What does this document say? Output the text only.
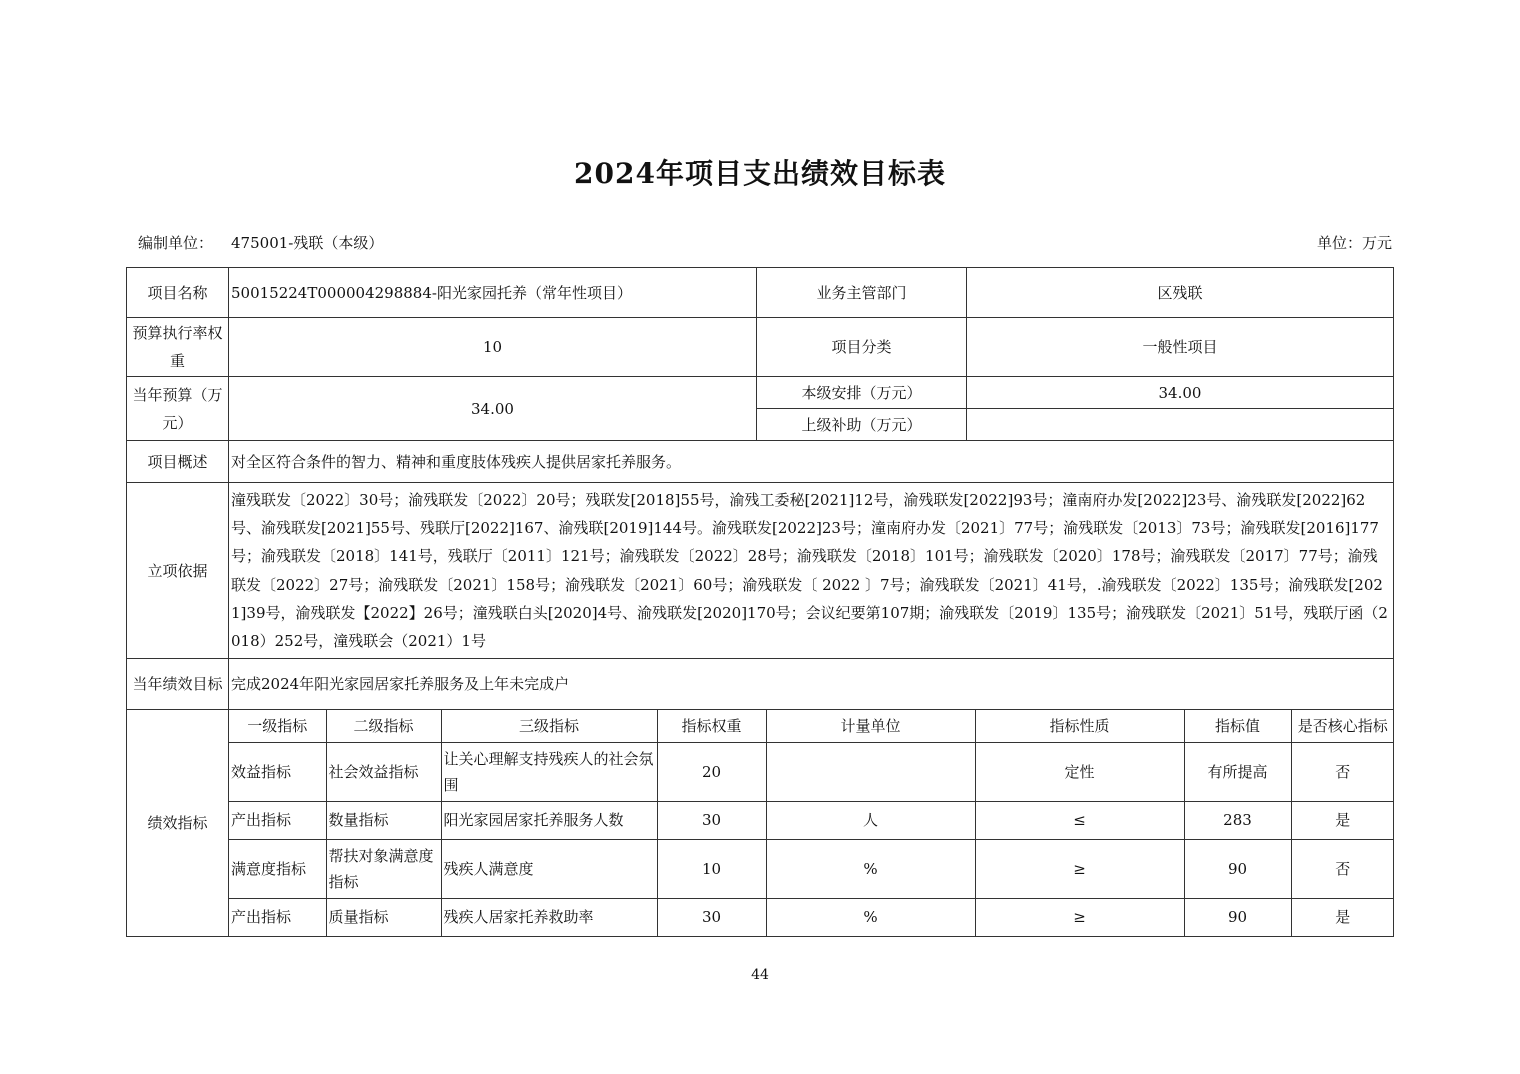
2024年项目支出绩效目标表
编制单位： 475001-残联（本级）	单位：万元
项目名称	50015224T000004298884-阳光家园托养（常年性项目）	业务主管部门	区残联
预算执行率权重	10	项目分类	一般性项目
当年预算（万元）	34.00	本级安排（万元）	34.00
上级补助（万元）	
项目概述	对全区符合条件的智力、精神和重度肢体残疾人提供居家托养服务。
立项依据	潼残联发〔2022〕30号；渝残联发〔2022〕20号；残联发[2018]55号，渝残工委秘[2021]12号，渝残联发[2022]93号；潼南府办发[2022]23号、渝残联发[2022]62号、渝残联发[2021]55号、残联厅[2022]167、渝残联[2019]144号。渝残联发[2022]23号；潼南府办发〔2021〕77号；渝残联发〔2013〕73号；渝残联发[2016]177号；渝残联发〔2018〕141号，残联厅〔2011〕121号；渝残联发〔2022〕28号；渝残联发〔2018〕101号；渝残联发〔2020〕178号；渝残联发〔2017〕77号；渝残联发〔2022〕27号；渝残联发〔2021〕158号；渝残联发〔2021〕60号；渝残联发〔 2022 〕7号；渝残联发〔2021〕41号，.渝残联发〔2022〕135号；渝残联发[2021]39号，渝残联发【2022】26号；潼残联白头[2020]4号、渝残联发[2020]170号；会议纪要第107期；渝残联发〔2019〕135号；渝残联发〔2021〕51号，残联厅函（2018）252号，潼残联会（2021）1号
当年绩效目标	完成2024年阳光家园居家托养服务及上年未完成户
绩效指标	
一级指标	二级指标	三级指标	指标权重	计量单位	指标性质	指标值	是否核心指标
效益指标	社会效益指标	让关心理解支持残疾人的社会氛围	20		定性	有所提高	否
产出指标	数量指标	阳光家园居家托养服务人数	30	人	≤	283	是
满意度指标	帮扶对象满意度指标	残疾人满意度	10	%	≥	90	否
产出指标	质量指标	残疾人居家托养救助率	30	%	≥	90	是
44
